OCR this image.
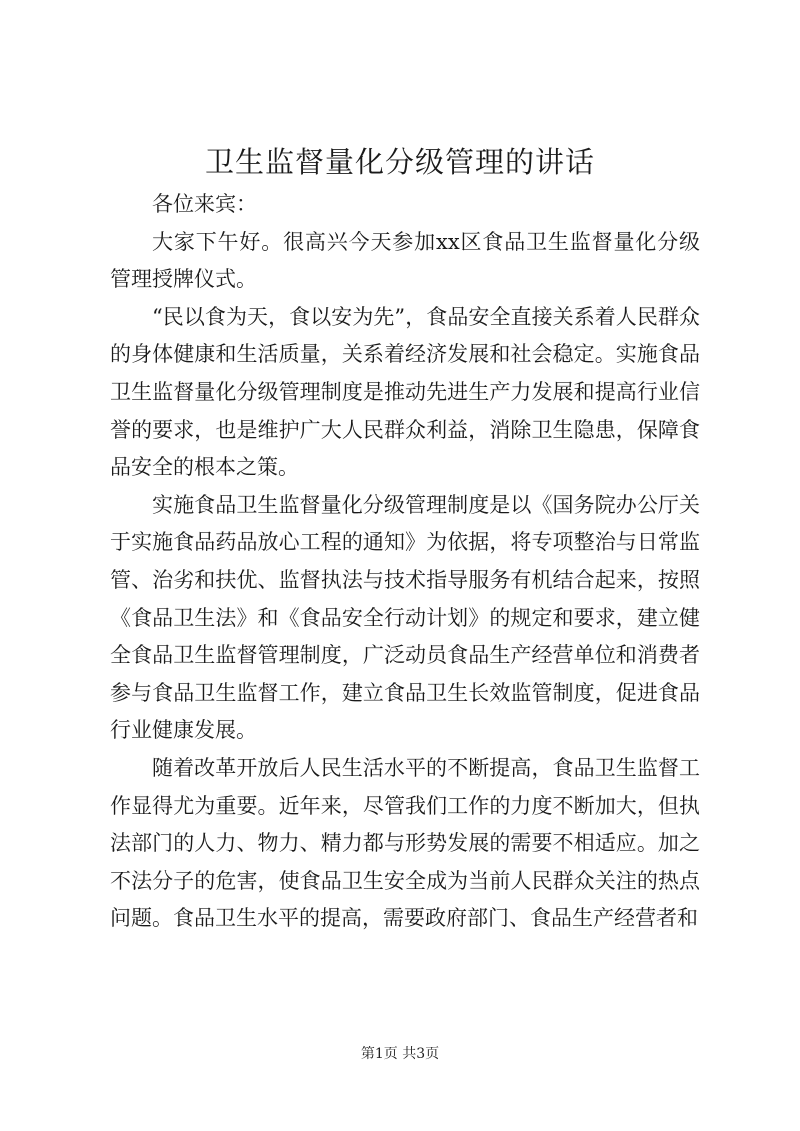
卫生监督量化分级管理的讲话

各位来宾：

大家下午好。很高兴今天参加xx区食品卫生监督量化分级管理授牌仪式。

“民以食为天，食以安为先”，食品安全直接关系着人民群众的身体健康和生活质量，关系着经济发展和社会稳定。实施食品卫生监督量化分级管理制度是推动先进生产力发展和提高行业信誉的要求，也是维护广大人民群众利益，消除卫生隐患，保障食品安全的根本之策。

实施食品卫生监督量化分级管理制度是以《国务院办公厅关于实施食品药品放心工程的通知》为依据，将专项整治与日常监管、治劣和扶优、监督执法与技术指导服务有机结合起来，按照《食品卫生法》和《食品安全行动计划》的规定和要求，建立健全食品卫生监督管理制度，广泛动员食品生产经营单位和消费者参与食品卫生监督工作，建立食品卫生长效监管制度，促进食品行业健康发展。

随着改革开放后人民生活水平的不断提高，食品卫生监督工作显得尤为重要。近年来，尽管我们工作的力度不断加大，但执法部门的人力、物力、精力都与形势发展的需要不相适应。加之不法分子的危害，使食品卫生安全成为当前人民群众关注的热点问题。食品卫生水平的提高，需要政府部门、食品生产经营者和

第1页 共3页
